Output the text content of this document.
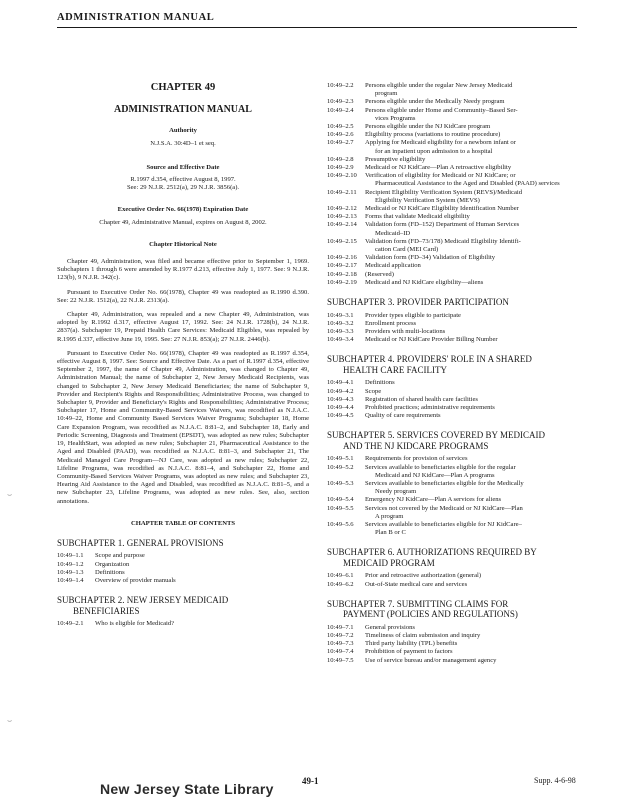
ADMINISTRATION MANUAL
CHAPTER 49
ADMINISTRATION MANUAL
Authority
N.J.S.A. 30:4D–1 et seq.
Source and Effective Date
R.1997 d.354, effective August 8, 1997.
See: 29 N.J.R. 2512(a), 29 N.J.R. 3856(a).
Executive Order No. 66(1978) Expiration Date
Chapter 49, Administrative Manual, expires on August 8, 2002.
Chapter Historical Note
Chapter 49, Administration, was filed and became effective prior to September 1, 1969. Subchapters 1 through 6 were amended by R.1977 d.213, effective July 1, 1977. See: 9 N.J.R. 123(b), 9 N.J.R. 342(c).
Pursuant to Executive Order No. 66(1978), Chapter 49 was readopted as R.1990 d.390. See: 22 N.J.R. 1512(a), 22 N.J.R. 2313(a).
Chapter 49, Administration, was repealed and a new Chapter 49, Administration, was adopted by R.1992 d.317, effective August 17, 1992. See: 24 N.J.R. 1728(b), 24 N.J.R. 2837(a). Subchapter 19, Prepaid Health Care Services: Medicaid Eligibles, was repealed by R.1995 d.337, effective June 19, 1995. See: 27 N.J.R. 853(a); 27 N.J.R. 2446(b).
Pursuant to Executive Order No. 66(1978), Chapter 49 was readopted as R.1997 d.354, effective August 8, 1997. See: Source and Effective Date. As a part of R.1997 d.354, effective September 2, 1997, the name of Chapter 49, Administration, was changed to Chapter 49, Administration Manual; the name of Subchapter 2, New Jersey Medicaid Recipients, was changed to Subchapter 2, New Jersey Medicaid Beneficiaries; the name of Subchapter 9, Provider and Recipient's Rights and Responsibilities; Administrative Process, was changed to Subchapter 9, Provider and Beneficiary's Rights and Responsibilities; Administrative Process; Subchapter 17, Home and Community-Based Services Waivers, was recodified as N.J.A.C. 10:49–22, Home and Community Based Services Waiver Programs; Subchapter 18, Home Care Expansion Program, was recodified as N.J.A.C. 8:81–2, and Subchapter 18, Early and Periodic Screening, Diagnosis and Treatment (EPSDT), was adopted as new rules; Subchapter 19, HealthStart, was adopted as new rules; Subchapter 21, Pharmaceutical Assistance to the Aged and Disabled (PAAD), was recodified as N.J.A.C. 8:81–3, and Subchapter 21, The Medicaid Managed Care Program—NJ Care, was adopted as new rules; Subchapter 22, Lifeline Programs, was recodified as N.J.A.C. 8:81–4, and Subchapter 22, Home and Community-Based Services Waiver Programs, was adopted as new rules; and Subchapter 23, Hearing Aid Assistance to the Aged and Disabled, was recodified as N.J.A.C. 8:81–5, and a new Subchapter 23, Lifeline Programs, was adopted as new rules. See, also, section annotations.
CHAPTER TABLE OF CONTENTS
SUBCHAPTER 1. GENERAL PROVISIONS
10:49–1.1	Scope and purpose
10:49–1.2	Organization
10:49–1.3	Definitions
10:49–1.4	Overview of provider manuals
SUBCHAPTER 2. NEW JERSEY MEDICAID
BENEFICIARIES
10:49–2.1	Who is eligible for Medicaid?
10:49–2.2	Persons eligible under the regular New Jersey Medicaid
program
10:49–2.3	Persons eligible under the Medically Needy program
10:49–2.4	Persons eligible under Home and Community–Based Ser-
vices Programs
10:49–2.5	Persons eligible under the NJ KidCare program
10:49–2.6	Eligibility process (variations to routine procedure)
10:49–2.7	Applying for Medicaid eligibility for a newborn infant or
for an inpatient upon admission to a hospital
10:49–2.8	Presumptive eligibility
10:49–2.9	Medicaid or NJ KidCare—Plan A retroactive eligibility
10:49–2.10	Verification of eligibility for Medicaid or NJ KidCare; or
Pharmaceutical Assistance to the Aged and Disabled (PAAD) services
10:49–2.11	Recipient Eligibility Verification System (REVS)/Medicaid
Eligibility Verification System (MEVS)
10:49–2.12	Medicaid or NJ KidCare Eligibility Identification Number
10:49–2.13	Forms that validate Medicaid eligibility
10:49–2.14	Validation form (FD–152) Department of Human Services
Medicaid–ID
10:49–2.15	Validation form (FD–73/178) Medicaid Eligibility Identifi-
cation Card (MEI Card)
10:49–2.16	Validation form (FD–34) Validation of Eligibility
10:49–2.17	Medicaid application
10:49–2.18	(Reserved)
10:49–2.19	Medicaid and NJ KidCare eligibility—aliens
SUBCHAPTER 3. PROVIDER PARTICIPATION
10:49–3.1	Provider types eligible to participate
10:49–3.2	Enrollment process
10:49–3.3	Providers with multi-locations
10:49–3.4	Medicaid or NJ KidCare Provider Billing Number
SUBCHAPTER 4. PROVIDERS' ROLE IN A SHARED
HEALTH CARE FACILITY
10:49–4.1	Definitions
10:49–4.2	Scope
10:49–4.3	Registration of shared health care facilities
10:49–4.4	Prohibited practices; administrative requirements
10:49–4.5	Quality of care requirements
SUBCHAPTER 5. SERVICES COVERED BY MEDICAID
AND THE NJ KIDCARE PROGRAMS
10:49–5.1	Requirements for provision of services
10:49–5.2	Services available to beneficiaries eligible for the regular
Medicaid and NJ KidCare—Plan A programs
10:49–5.3	Services available to beneficiaries eligible for the Medically
Needy program
10:49–5.4	Emergency NJ KidCare—Plan A services for aliens
10:49–5.5	Services not covered by the Medicaid or NJ KidCare—Plan
A program
10:49–5.6	Services available to beneficiaries eligible for NJ KidCare–
Plan B or C
SUBCHAPTER 6. AUTHORIZATIONS REQUIRED BY
MEDICAID PROGRAM
10:49–6.1	Prior and retroactive authorization (general)
10:49–6.2	Out-of-State medical care and services
SUBCHAPTER 7. SUBMITTING CLAIMS FOR
PAYMENT (POLICIES AND REGULATIONS)
10:49–7.1	General provisions
10:49–7.2	Timeliness of claim submission and inquiry
10:49–7.3	Third party liability (TPL) benefits
10:49–7.4	Prohibition of payment to factors
10:49–7.5	Use of service bureau and/or management agency
⌣
⌣
New Jersey State Library	49-1	Supp. 4-6-98
